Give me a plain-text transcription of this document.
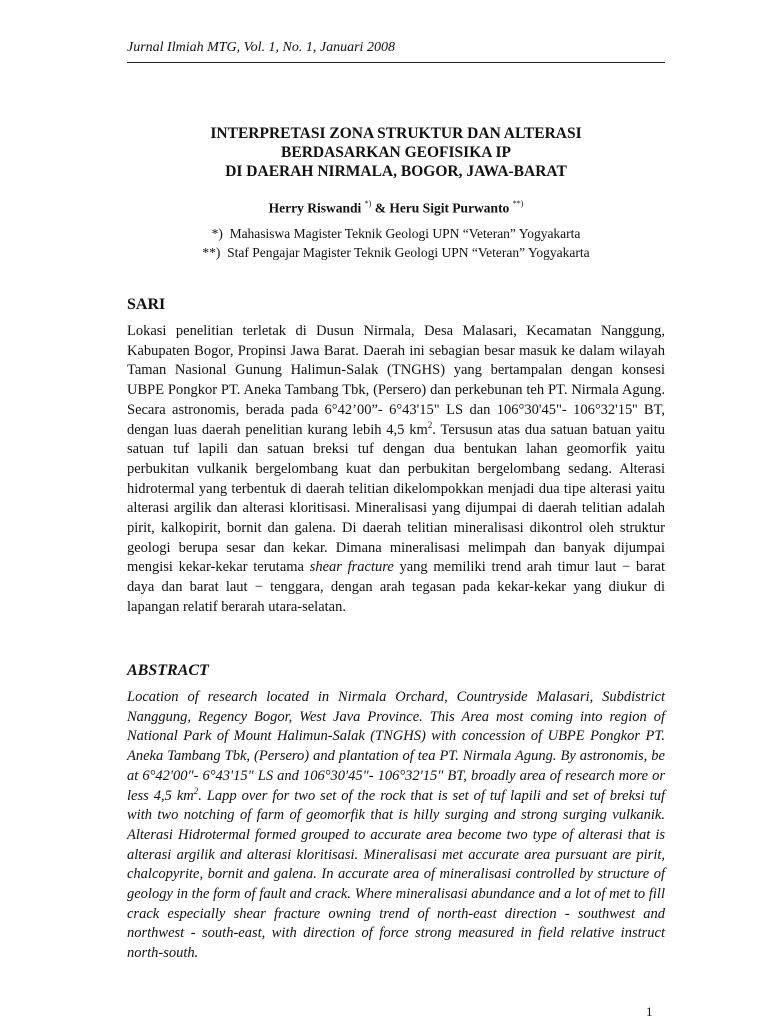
Jurnal Ilmiah MTG, Vol. 1, No. 1, Januari 2008
INTERPRETASI ZONA STRUKTUR DAN ALTERASI
BERDASARKAN GEOFISIKA IP
DI DAERAH NIRMALA, BOGOR, JAWA-BARAT
Herry Riswandi *) & Heru Sigit Purwanto **)
*) Mahasiswa Magister Teknik Geologi UPN “Veteran” Yogyakarta
**) Staf Pengajar Magister Teknik Geologi UPN “Veteran” Yogyakarta
SARI

Lokasi penelitian terletak di Dusun Nirmala, Desa Malasari, Kecamatan Nanggung, Kabupaten Bogor, Propinsi Jawa Barat. Daerah ini sebagian besar masuk ke dalam wilayah Taman Nasional Gunung Halimun-Salak (TNGHS) yang bertampalan dengan konsesi UBPE Pongkor PT. Aneka Tambang Tbk, (Persero) dan perkebunan teh PT. Nirmala Agung. Secara astronomis, berada pada 6°42’00”- 6°43'15" LS dan 106°30'45"- 106°32'15'' BT, dengan luas daerah penelitian kurang lebih 4,5 $km^2$. Tersusun atas dua satuan batuan yaitu satuan tuf lapili dan satuan breksi tuf dengan dua bentukan lahan geomorfik yaitu perbukitan vulkanik bergelombang kuat dan perbukitan bergelombang sedang. Alterasi hidrotermal yang terbentuk di daerah telitian dikelompokkan menjadi dua tipe alterasi yaitu alterasi argilik dan alterasi kloritisasi. Mineralisasi yang dijumpai di daerah telitian adalah pirit, kalkopirit, bornit dan galena. Di daerah telitian mineralisasi dikontrol oleh struktur geologi berupa sesar dan kekar. Dimana mineralisasi melimpah dan banyak dijumpai mengisi kekar-kekar terutama shear fracture yang memiliki trend arah timur laut − barat daya dan barat laut − tenggara, dengan arah tegasan pada kekar-kekar yang diukur di lapangan relatif berarah utara-selatan.

ABSTRACT

Location of research located in Nirmala Orchard, Countryside Malasari, Subdistrict Nanggung, Regency Bogor, West Java Province. This Area most coming into region of National Park of Mount Halimun-Salak (TNGHS) with concession of UBPE Pongkor PT. Aneka Tambang Tbk, (Persero) and plantation of tea PT. Nirmala Agung. By astronomis, be at 6°42'00"- 6°43'15" LS and 106°30'45"- 106°32'15" BT, broadly area of research more or less 4,5 $km^2$. Lapp over for two set of the rock that is set of tuf lapili and set of breksi tuf with two notching of farm of geomorfik that is hilly surging and strong surging vulkanik. Alterasi Hidrotermal formed grouped to accurate area become two type of alterasi that is alterasi argilik and alterasi kloritisasi. Mineralisasi met accurate area pursuant are pirit, chalcopyrite, bornit and galena. In accurate area of mineralisasi controlled by structure of geology in the form of fault and crack. Where mineralisasi abundance and a lot of met to fill crack especially shear fracture owning trend of north-east direction - southwest and northwest - south-east, with direction of force strong measured in field relative instruct north-south.

1
